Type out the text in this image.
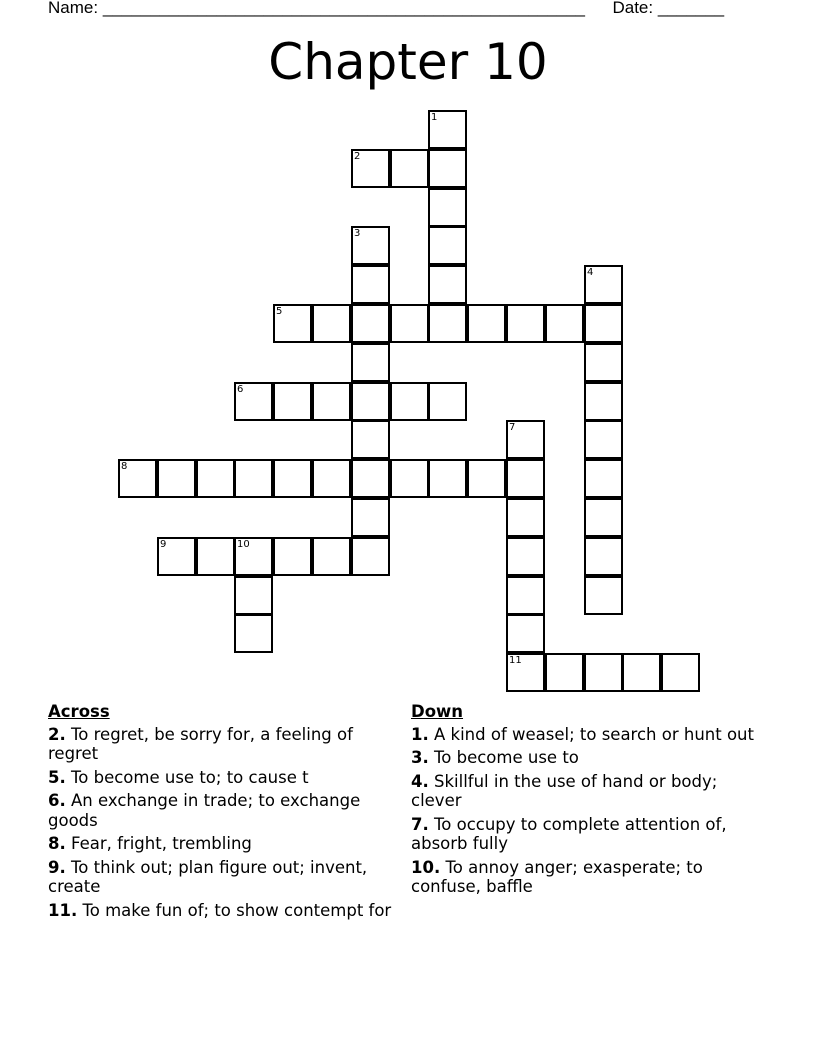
Name: ___________________________________________________ Date: _______
Chapter 10
1
2
3
4
5
6
7
11
8
9	10
Across
2. To regret, be sorry for, a feeling of regret
5. To become use to; to cause t
6. An exchange in trade; to exchange goods
8. Fear, fright, trembling
9. To think out; plan figure out; invent, create
11. To make fun of; to show contempt for
Down
1. A kind of weasel; to search or hunt out
3. To become use to
4. Skillful in the use of hand or body; clever
7. To occupy to complete attention of, absorb fully
10. To annoy anger; exasperate; to confuse, baffle
